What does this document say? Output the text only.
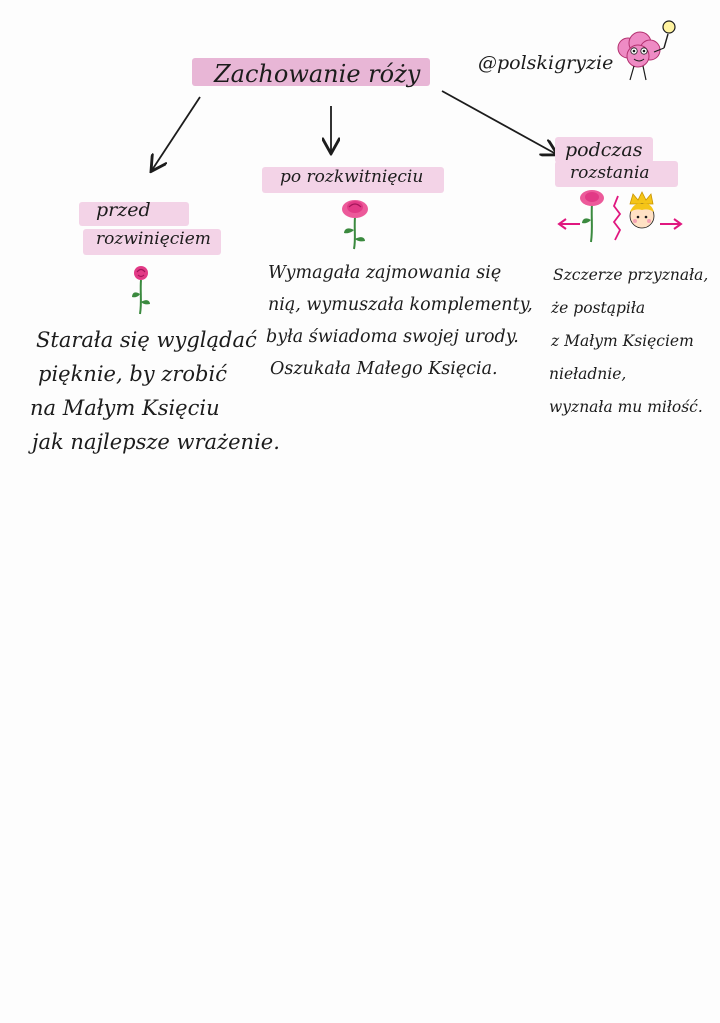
Zachowanie róży	@polskigryzie
przed
rozwinięciem
Starała się wyglądać
pięknie, by zrobić
na Małym Księciu
jak najlepsze wrażenie.
po rozkwitnięciu
Wymagała zajmowania się
nią, wymuszała komplementy,
była świadoma swojej urody.
Oszukała Małego Księcia.
podczas
rozstania
Szczerze przyznała,
że postąpiła
z Małym Księciem
nieładnie,
wyznała mu miłość.
